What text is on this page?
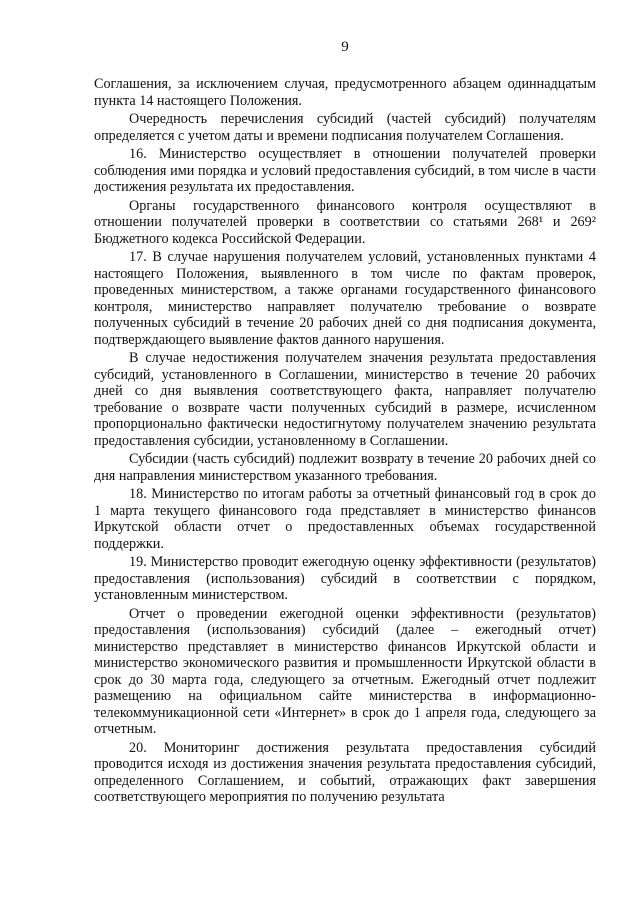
9

Соглашения, за исключением случая, предусмотренного абзацем одиннадцатым пункта 14 настоящего Положения.

Очередность перечисления субсидий (частей субсидий) получателям определяется с учетом даты и времени подписания получателем Соглашения.

16. Министерство осуществляет в отношении получателей проверки соблюдения ими порядка и условий предоставления субсидий, в том числе в части достижения результата их предоставления.

Органы государственного финансового контроля осуществляют в отношении получателей проверки в соответствии со статьями 268¹ и 269² Бюджетного кодекса Российской Федерации.

17. В случае нарушения получателем условий, установленных пунктами 4 настоящего Положения, выявленного в том числе по фактам проверок, проведенных министерством, а также органами государственного финансового контроля, министерство направляет получателю требование о возврате полученных субсидий в течение 20 рабочих дней со дня подписания документа, подтверждающего выявление фактов данного нарушения.

В случае недостижения получателем значения результата предоставления субсидий, установленного в Соглашении, министерство в течение 20 рабочих дней со дня выявления соответствующего факта, направляет получателю требование о возврате части полученных субсидий в размере, исчисленном пропорционально фактически недостигнутому получателем значению результата предоставления субсидии, установленному в Соглашении.

Субсидии (часть субсидий) подлежит возврату в течение 20 рабочих дней со дня направления министерством указанного требования.

18. Министерство по итогам работы за отчетный финансовый год в срок до 1 марта текущего финансового года представляет в министерство финансов Иркутской области отчет о предоставленных объемах государственной поддержки.

19. Министерство проводит ежегодную оценку эффективности (результатов) предоставления (использования) субсидий в соответствии с порядком, установленным министерством.

Отчет о проведении ежегодной оценки эффективности (результатов) предоставления (использования) субсидий (далее – ежегодный отчет) министерство представляет в министерство финансов Иркутской области и министерство экономического развития и промышленности Иркутской области в срок до 30 марта года, следующего за отчетным. Ежегодный отчет подлежит размещению на официальном сайте министерства в информационно-телекоммуникационной сети «Интернет» в срок до 1 апреля года, следующего за отчетным.

20. Мониторинг достижения результата предоставления субсидий проводится исходя из достижения значения результата предоставления субсидий, определенного Соглашением, и событий, отражающих факт завершения соответствующего мероприятия по получению результата
